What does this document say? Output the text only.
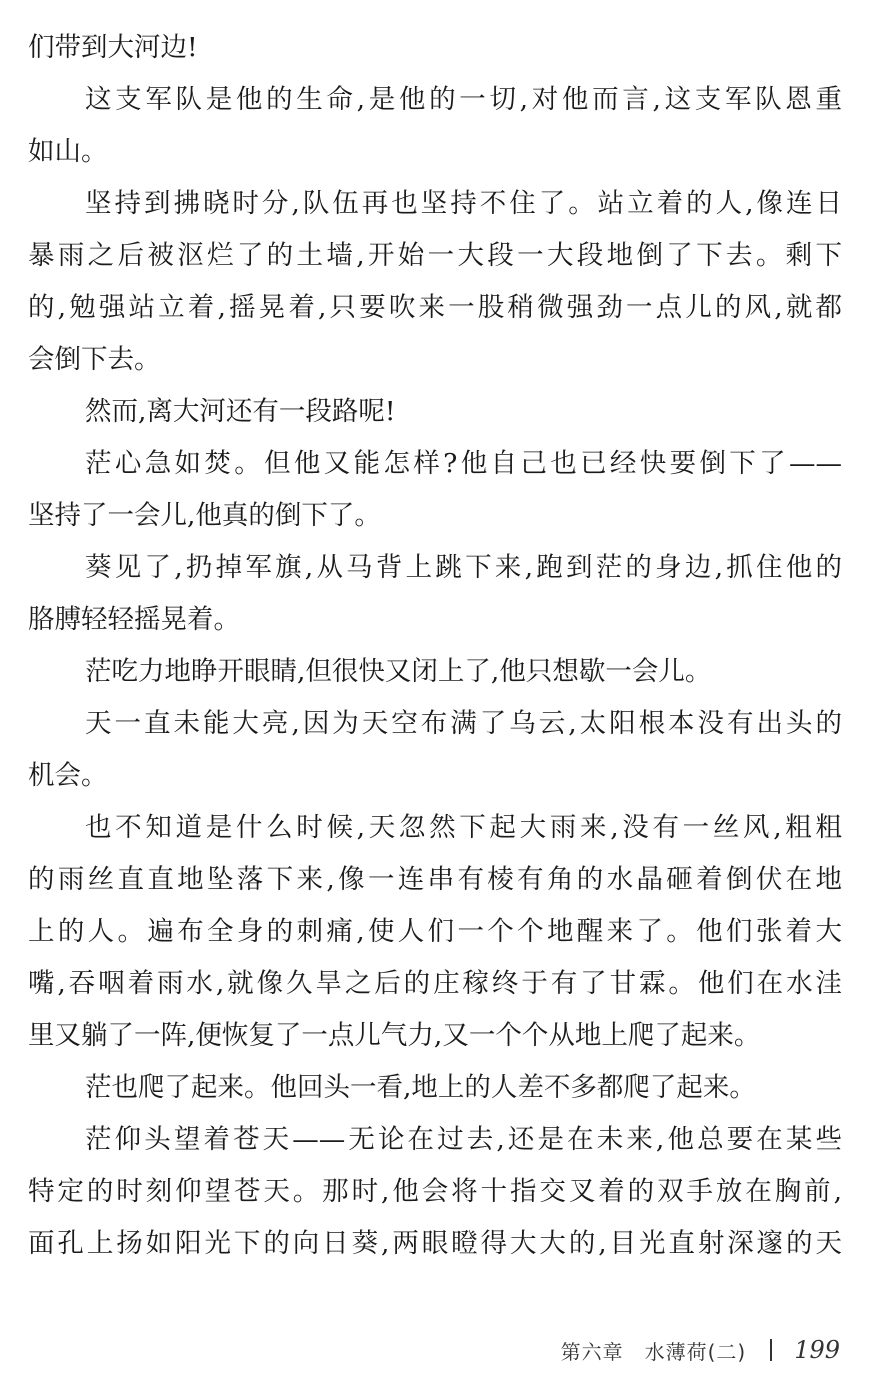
们带到大河边!
这支军队是他的生命,是他的一切,对他而言,这支军队恩重
如山。
坚持到拂晓时分,队伍再也坚持不住了。站立着的人,像连日
暴雨之后被沤烂了的土墙,开始一大段一大段地倒了下去。剩下
的,勉强站立着,摇晃着,只要吹来一股稍微强劲一点儿的风,就都
会倒下去。
然而,离大河还有一段路呢!
茫心急如焚。但他又能怎样?他自己也已经快要倒下了——
坚持了一会儿,他真的倒下了。
葵见了,扔掉军旗,从马背上跳下来,跑到茫的身边,抓住他的
胳膊轻轻摇晃着。
茫吃力地睁开眼睛,但很快又闭上了,他只想歇一会儿。
天一直未能大亮,因为天空布满了乌云,太阳根本没有出头的
机会。
也不知道是什么时候,天忽然下起大雨来,没有一丝风,粗粗
的雨丝直直地坠落下来,像一连串有棱有角的水晶砸着倒伏在地
上的人。遍布全身的刺痛,使人们一个个地醒来了。他们张着大
嘴,吞咽着雨水,就像久旱之后的庄稼终于有了甘霖。他们在水洼
里又躺了一阵,便恢复了一点儿气力,又一个个从地上爬了起来。
茫也爬了起来。他回头一看,地上的人差不多都爬了起来。
茫仰头望着苍天——无论在过去,还是在未来,他总要在某些
特定的时刻仰望苍天。那时,他会将十指交叉着的双手放在胸前,
面孔上扬如阳光下的向日葵,两眼瞪得大大的,目光直射深邃的天
第六章　水薄荷(二) 199
